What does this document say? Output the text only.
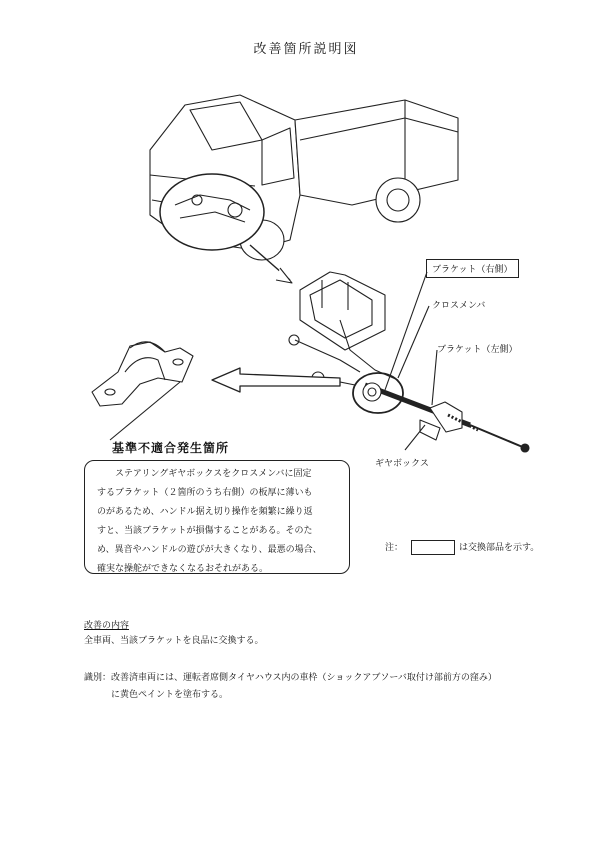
改善箇所説明図
ブラケット（右側）
クロスメンバ
ブラケット（左側）
ギヤボックス
基準不適合発生箇所
ステアリングギヤボックスをクロスメンバに固定
するブラケット（２箇所のうち右側）の板厚に薄いも
のがあるため、ハンドル据え切り操作を頻繁に繰り返
すと、当該ブラケットが損傷することがある。そのた
め、異音やハンドルの遊びが大きくなり、最悪の場合、
確実な操舵ができなくなるおそれがある。
注：	は交換部品を示す。
改善の内容
全車両、当該ブラケットを良品に交換する。
識別：改善済車両には、運転者席側タイヤハウス内の車枠（ショックアブソーバ取付け部前方の窪み）
に黄色ペイントを塗布する。
